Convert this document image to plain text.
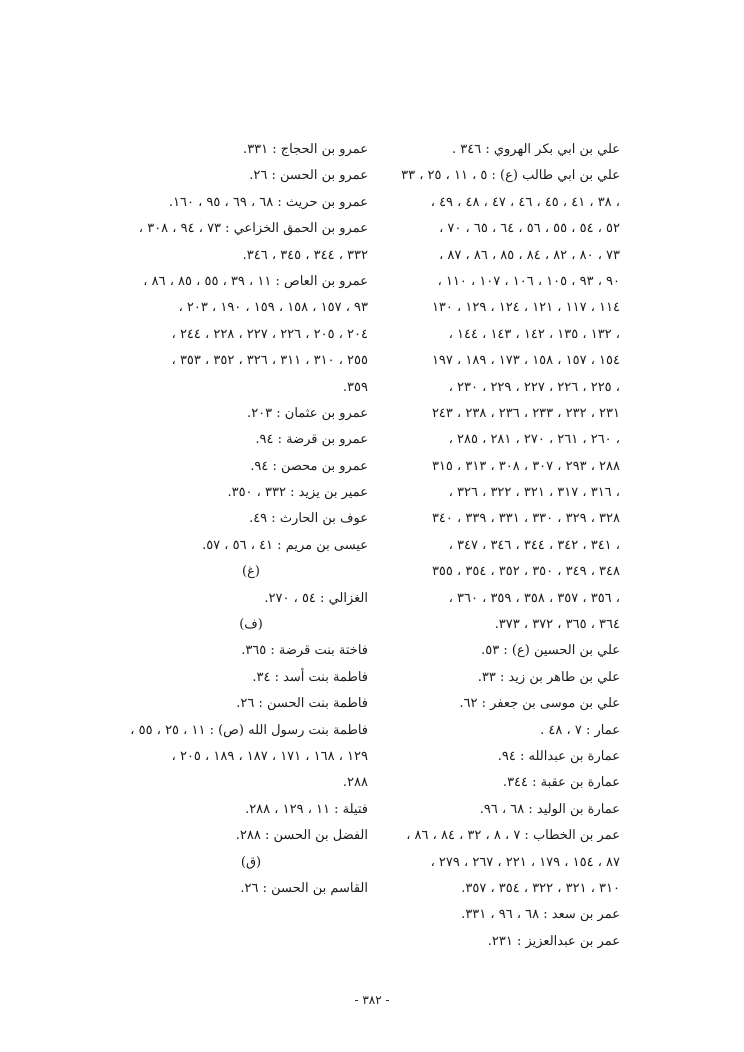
علي بن ابي بكر الهروي : ٣٤٦ .
علي بن ابي طالب (ع) : ٥ ، ١١ ، ٢٥ ، ٣٣
، ٣٨ ، ٤١ ، ٤٥ ، ٤٦ ، ٤٧ ، ٤٨ ، ٤٩ ،
٥٢ ، ٥٤ ، ٥٥ ، ٥٦ ، ٦٤ ، ٦٥ ، ٧٠ ،
٧٣ ، ٨٠ ، ٨٢ ، ٨٤ ، ٨٥ ، ٨٦ ، ٨٧ ،
٩٠ ، ٩٣ ، ١٠٥ ، ١٠٦ ، ١٠٧ ، ١١٠ ،
١١٤ ، ١١٧ ، ١٢١ ، ١٢٤ ، ١٢٩ ، ١٣٠
، ١٣٢ ، ١٣٥ ، ١٤٢ ، ١٤٣ ، ١٤٤ ،
١٥٤ ، ١٥٧ ، ١٥٨ ، ١٧٣ ، ١٨٩ ، ١٩٧
، ٢٢٥ ، ٢٢٦ ، ٢٢٧ ، ٢٢٩ ، ٢٣٠ ،
٢٣١ ، ٢٣٢ ، ٢٣٣ ، ٢٣٦ ، ٢٣٨ ، ٢٤٣
، ٢٦٠ ، ٢٦١ ، ٢٧٠ ، ٢٨١ ، ٢٨٥ ،
٢٨٨ ، ٢٩٣ ، ٣٠٧ ، ٣٠٨ ، ٣١٣ ، ٣١٥
، ٣١٦ ، ٣١٧ ، ٣٢١ ، ٣٢٢ ، ٣٢٦ ،
٣٢٨ ، ٣٢٩ ، ٣٣٠ ، ٣٣١ ، ٣٣٩ ، ٣٤٠
، ٣٤١ ، ٣٤٢ ، ٣٤٤ ، ٣٤٦ ، ٣٤٧ ،
٣٤٨ ، ٣٤٩ ، ٣٥٠ ، ٣٥٢ ، ٣٥٤ ، ٣٥٥
، ٣٥٦ ، ٣٥٧ ، ٣٥٨ ، ٣٥٩ ، ٣٦٠ ،
٣٦٤ ، ٣٦٥ ، ٣٧٢ ، ٣٧٣.
علي بن الحسين (ع) : ٥٣.
علي بن طاهر بن زيد : ٣٣.
علي بن موسى بن جعفر : ٦٢.
عمار : ٧ ، ٤٨ .
عمارة بن عبدالله : ٩٤.
عمارة بن عقبة : ٣٤٤.
عمارة بن الوليد : ٦٨ ، ٩٦.
عمر بن الخطاب : ٧ ، ٨ ، ٣٢ ، ٨٤ ، ٨٦ ،
٨٧ ، ١٥٤ ، ١٧٩ ، ٢٢١ ، ٢٦٧ ، ٢٧٩ ،
٣١٠ ، ٣٢١ ، ٣٢٢ ، ٣٥٤ ، ٣٥٧.
عمر بن سعد : ٦٨ ، ٩٦ ، ٣٣١.
عمر بن عبدالعزيز : ٢٣١.
عمرو بن الحجاج : ٣٣١.
عمرو بن الحسن : ٢٦.
عمرو بن حريث : ٦٨ ، ٦٩ ، ٩٥ ، ١٦٠.
عمرو بن الحمق الخزاعي : ٧٣ ، ٩٤ ، ٣٠٨ ،
٣٣٢ ، ٣٤٤ ، ٣٤٥ ، ٣٤٦.
عمرو بن العاص : ١١ ، ٣٩ ، ٥٥ ، ٨٥ ، ٨٦ ،
٩٣ ، ١٥٧ ، ١٥٨ ، ١٥٩ ، ١٩٠ ، ٢٠٣ ،
٢٠٤ ، ٢٠٥ ، ٢٢٦ ، ٢٢٧ ، ٢٢٨ ، ٢٤٤ ،
٢٥٥ ، ٣١٠ ، ٣١١ ، ٣٢٦ ، ٣٥٢ ، ٣٥٣ ،
٣٥٩.
عمرو بن عثمان : ٢٠٣.
عمرو بن قرضة : ٩٤.
عمرو بن محصن : ٩٤.
عمير بن يزيد : ٣٣٢ ، ٣٥٠.
عوف بن الحارث : ٤٩.
عيسى بن مريم : ٤١ ، ٥٦ ، ٥٧.
(غ)
الغزالي : ٥٤ ، ٢٧٠.
(ف)
فاختة بنت قرضة : ٣٦٥.
فاطمة بنت أسد : ٣٤.
فاطمة بنت الحسن : ٢٦.
فاطمة بنت رسول الله (ص) : ١١ ، ٢٥ ، ٥٥ ،
١٢٩ ، ١٦٨ ، ١٧١ ، ١٨٧ ، ١٨٩ ، ٢٠٥ ،
٢٨٨.
فتيلة : ١١ ، ١٢٩ ، ٢٨٨.
الفضل بن الحسن : ٢٨٨.
(ق)
القاسم بن الحسن : ٢٦.
- ٣٨٢ -
